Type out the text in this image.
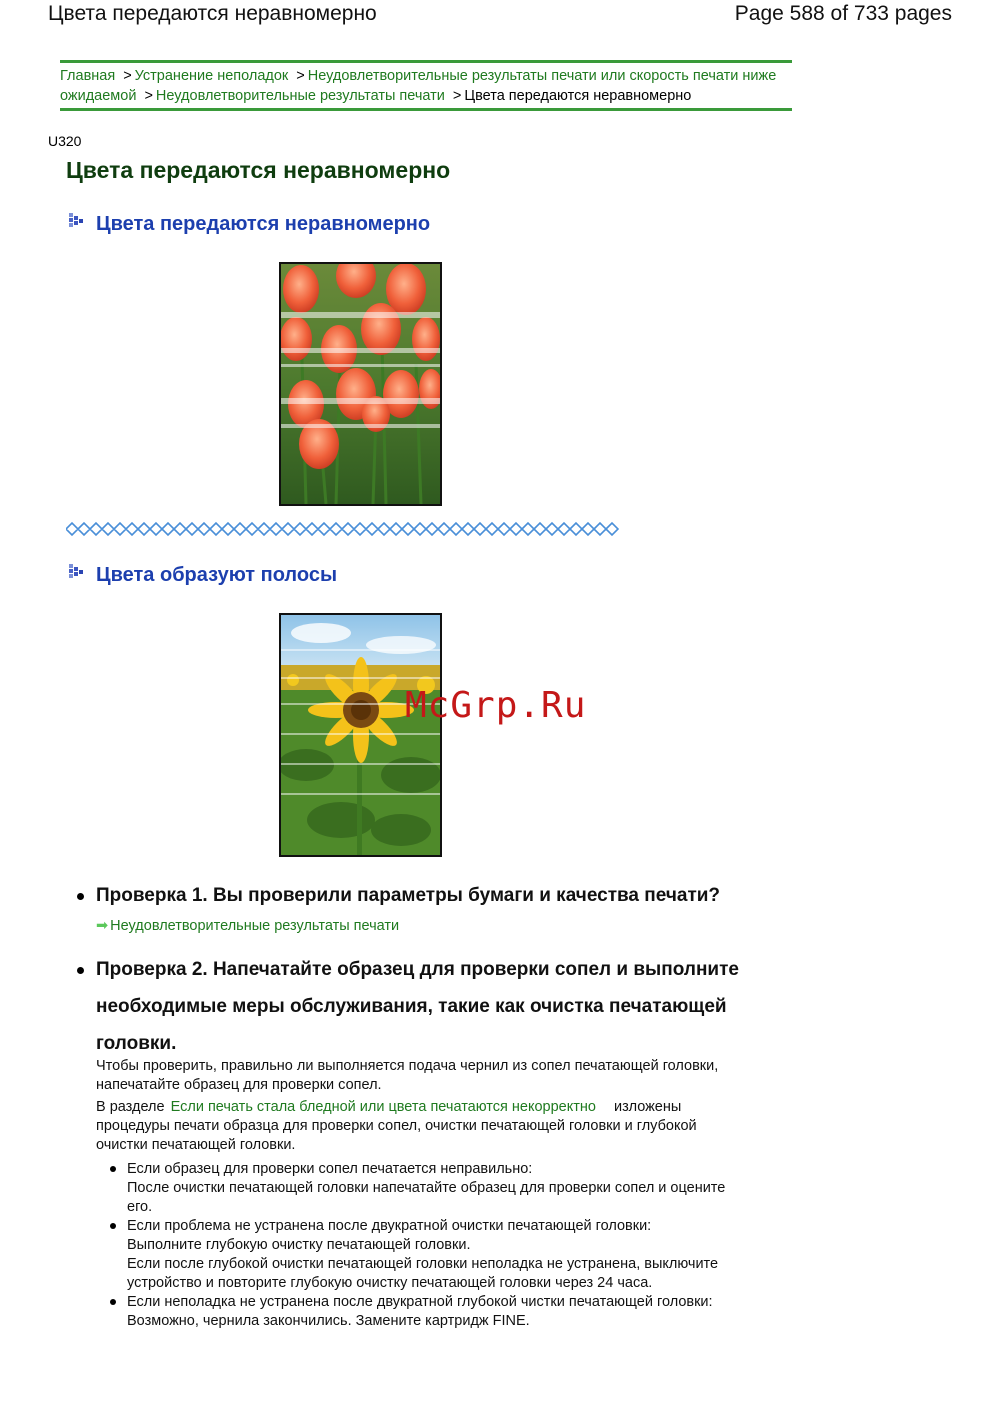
Цвета передаются неравномерно	Page 588 of 733 pages
Главная > Устранение неполадок > Неудовлетворительные результаты печати или скорость печати ниже ожидаемой > Неудовлетворительные результаты печати > Цвета передаются неравномерно
U320
Цвета передаются неравномерно
Цвета передаются неравномерно
Цвета образуют полосы
McGrp.Ru
Проверка 1. Вы проверили параметры бумаги и качества печати?
➡ Неудовлетворительные результаты печати
Проверка 2. Напечатайте образец для проверки сопел и выполните
необходимые меры обслуживания, такие как очистка печатающей
головки.
Чтобы проверить, правильно ли выполняется подача чернил из сопел печатающей головки,
напечатайте образец для проверки сопел.
В разделе Если печать стала бледной или цвета печатаются некорректно изложены
процедуры печати образца для проверки сопел, очистки печатающей головки и глубокой
очистки печатающей головки.
Если образец для проверки сопел печатается неправильно:
После очистки печатающей головки напечатайте образец для проверки сопел и оцените
его.
Если проблема не устранена после двукратной очистки печатающей головки:
Выполните глубокую очистку печатающей головки.
Если после глубокой очистки печатающей головки неполадка не устранена, выключите
устройство и повторите глубокую очистку печатающей головки через 24 часа.
Если неполадка не устранена после двукратной глубокой чистки печатающей головки:
Возможно, чернила закончились. Замените картридж FINE.
